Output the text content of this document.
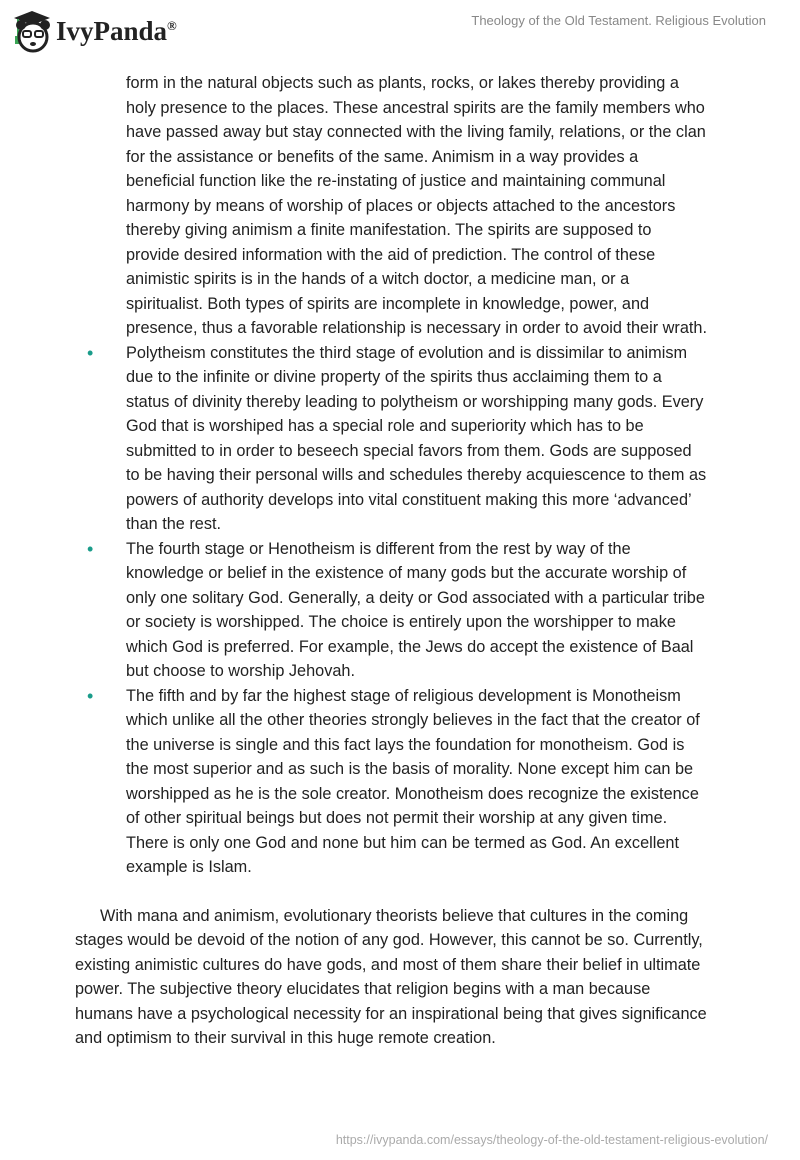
IvyPanda®	Theology of the Old Testament. Religious Evolution
form in the natural objects such as plants, rocks, or lakes thereby providing a
holy presence to the places. These ancestral spirits are the family members who
have passed away but stay connected with the living family, relations, or the clan
for the assistance or benefits of the same. Animism in a way provides a
beneficial function like the re-instating of justice and maintaining communal
harmony by means of worship of places or objects attached to the ancestors
thereby giving animism a finite manifestation. The spirits are supposed to
provide desired information with the aid of prediction. The control of these
animistic spirits is in the hands of a witch doctor, a medicine man, or a
spiritualist. Both types of spirits are incomplete in knowledge, power, and
presence, thus a favorable relationship is necessary in order to avoid their wrath.
• Polytheism constitutes the third stage of evolution and is dissimilar to animism
due to the infinite or divine property of the spirits thus acclaiming them to a
status of divinity thereby leading to polytheism or worshipping many gods. Every
God that is worshiped has a special role and superiority which has to be
submitted to in order to beseech special favors from them. Gods are supposed
to be having their personal wills and schedules thereby acquiescence to them as
powers of authority develops into vital constituent making this more ‘advanced’
than the rest.
• The fourth stage or Henotheism is different from the rest by way of the
knowledge or belief in the existence of many gods but the accurate worship of
only one solitary God. Generally, a deity or God associated with a particular tribe
or society is worshipped. The choice is entirely upon the worshipper to make
which God is preferred. For example, the Jews do accept the existence of Baal
but choose to worship Jehovah.
• The fifth and by far the highest stage of religious development is Monotheism
which unlike all the other theories strongly believes in the fact that the creator of
the universe is single and this fact lays the foundation for monotheism. God is
the most superior and as such is the basis of morality. None except him can be
worshipped as he is the sole creator. Monotheism does recognize the existence
of other spiritual beings but does not permit their worship at any given time.
There is only one God and none but him can be termed as God. An excellent
example is Islam.
With mana and animism, evolutionary theorists believe that cultures in the coming
stages would be devoid of the notion of any god. However, this cannot be so. Currently,
existing animistic cultures do have gods, and most of them share their belief in ultimate
power. The subjective theory elucidates that religion begins with a man because
humans have a psychological necessity for an inspirational being that gives significance
and optimism to their survival in this huge remote creation.
https://ivypanda.com/essays/theology-of-the-old-testament-religious-evolution/
